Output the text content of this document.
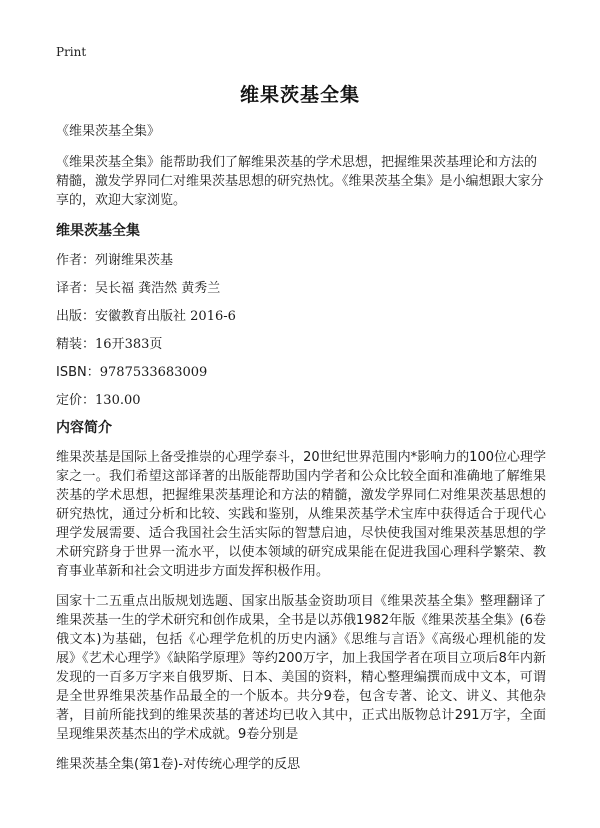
Print
维果茨基全集
《维果茨基全集》
《维果茨基全集》能帮助我们了解维果茨基的学术思想，把握维果茨基理论和方法的精髓，激发学界同仁对维果茨基思想的研究热忱。《维果茨基全集》是小编想跟大家分享的，欢迎大家浏览。
维果茨基全集
作者 ： 列谢维果茨基
译者 ： 吴长福 龚浩然 黄秀兰
出版 ： 安徽教育出版社 2016-6
精装 ： 16开383页
ISBN ： 9787533683009
定价 ： 130.00
内容简介
维果茨基是国际上备受推崇的心理学泰斗，20世纪世界范围内*影响力的100位心理学家之一。我们希望这部译著的出版能帮助国内学者和公众比较全面和准确地了解维果茨基的学术思想，把握维果茨基理论和方法的精髓，激发学界同仁对维果茨基思想的研究热忱，通过分析和比较、实践和鉴别，从维果茨基学术宝库中获得适合于现代心理学发展需要、适合我国社会生活实际的智慧启迪，尽快使我国对维果茨基思想的学术研究跻身于世界一流水平，以使本领域的研究成果能在促进我国心理科学繁荣、教育事业革新和社会文明进步方面发挥积极作用。
国家十二五重点出版规划选题、国家出版基金资助项目《维果茨基全集》整理翻译了维果茨基一生的学术研究和创作成果，全书是以苏俄1982年版《维果茨基全集》(6卷俄文本)为基础，包括《心理学危机的历史内涵》《思维与言语》《高级心理机能的发展》《艺术心理学》《缺陷学原理》等约200万字，加上我国学者在项目立项后8年内新发现的一百多万字来自俄罗斯、日本、美国的资料，精心整理编撰而成中文本，可谓是全世界维果茨基作品最全的一个版本。共分9卷，包含专著、论文、讲义、其他杂著，目前所能找到的维果茨基的著述均已收入其中，正式出版物总计291万字，全面呈现维果茨基杰出的学术成就。9卷分别是
维果茨基全集(第1卷)-对传统心理学的反思
